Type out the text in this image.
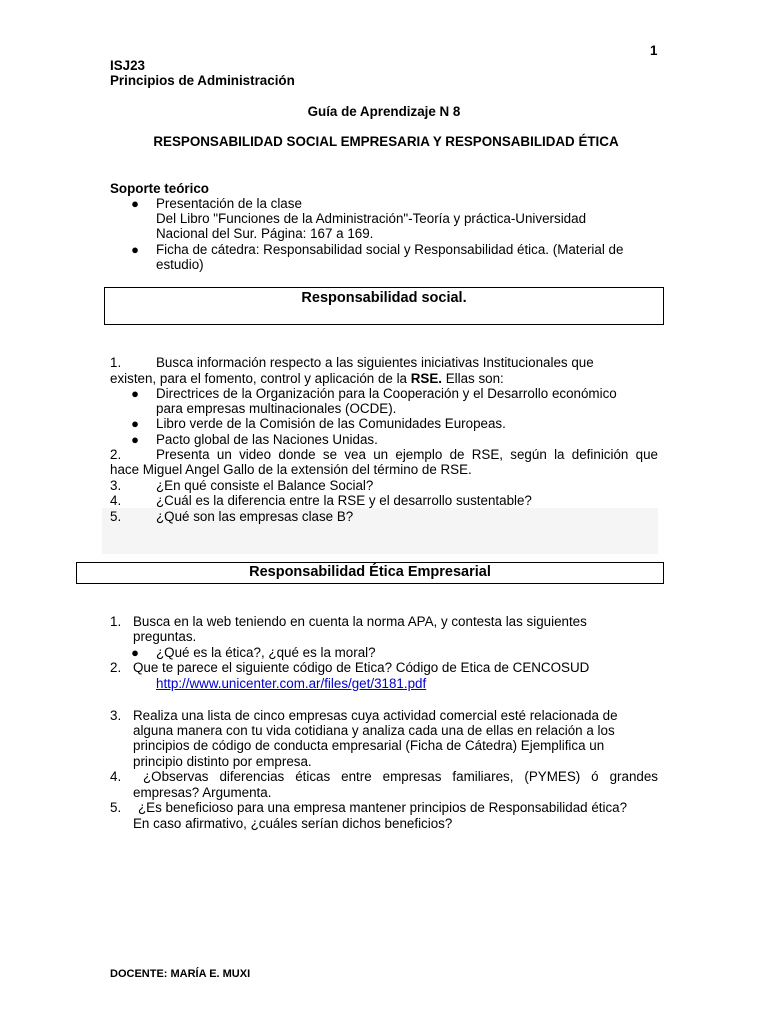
1
ISJ23
Principios de Administración
Guía de Aprendizaje N 8
RESPONSABILIDAD SOCIAL EMPRESARIA Y RESPONSABILIDAD ÉTICA
Soporte teórico
● Presentación de la clase
Del Libro "Funciones de la Administración"-Teoría y práctica-Universidad
Nacional del Sur. Página: 167 a 169.
● Ficha de cátedra: Responsabilidad social y Responsabilidad ética. (Material de
estudio)
Responsabilidad social.
1.	Busca información respecto a las siguientes iniciativas Institucionales que
existen, para el fomento, control y aplicación de la RSE. Ellas son:
● Directrices de la Organización para la Cooperación y el Desarrollo económico
para empresas multinacionales (OCDE).
● Libro verde de la Comisión de las Comunidades Europeas.
● Pacto global de las Naciones Unidas.
2.	Presenta un video donde se vea un ejemplo de RSE, según la definición que
hace Miguel Angel Gallo de la extensión del término de RSE.
3.	¿En qué consiste el Balance Social?
4.	¿Cuál es la diferencia entre la RSE y el desarrollo sustentable?
5.	¿Qué son las empresas clase B?
Responsabilidad Ética Empresarial
1. Busca en la web teniendo en cuenta la norma APA, y contesta las siguientes
preguntas.
● ¿Qué es la ética?, ¿qué es la moral?
2. Que te parece el siguiente código de Etica? Código de Etica de CENCOSUD
http://www.unicenter.com.ar/files/get/3181.pdf
3. Realiza una lista de cinco empresas cuya actividad comercial esté relacionada de
alguna manera con tu vida cotidiana y analiza cada una de ellas en relación a los
principios de código de conducta empresarial (Ficha de Cátedra) Ejemplifica un
principio distinto por empresa.
4.	¿Observas diferencias éticas entre empresas familiares, (PYMES) ó grandes
empresas? Argumenta.
5. ¿Es beneficioso para una empresa mantener principios de Responsabilidad ética?
En caso afirmativo, ¿cuáles serían dichos beneficios?
DOCENTE: MARÍA E. MUXI
